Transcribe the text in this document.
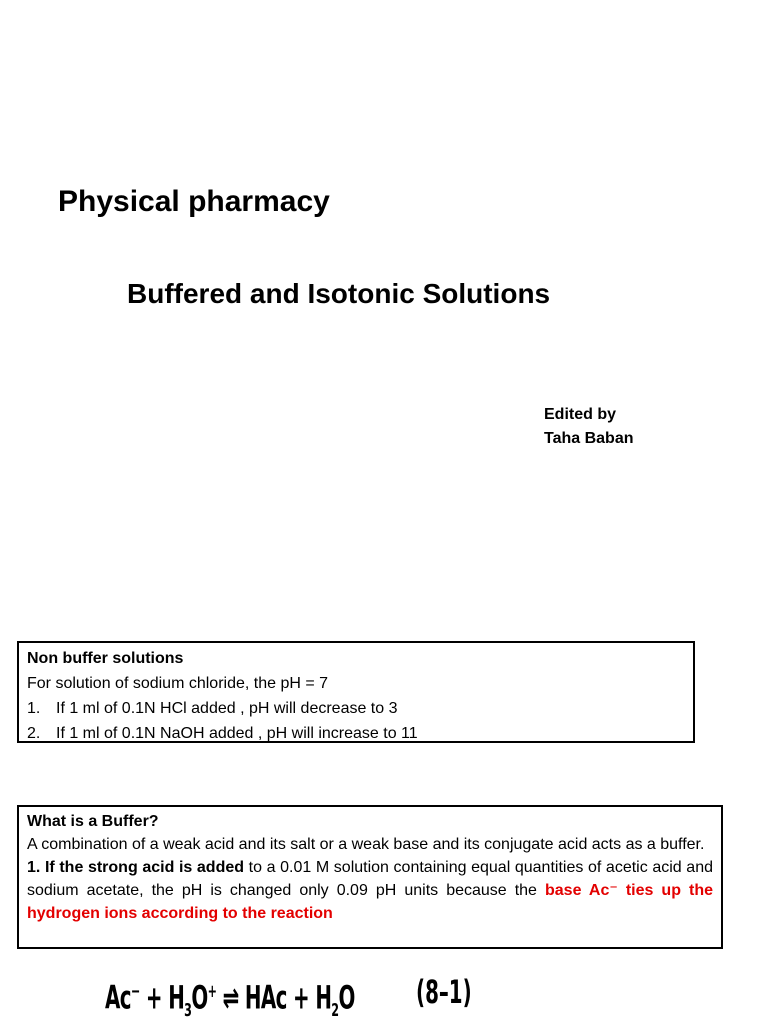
Physical pharmacy
Buffered and Isotonic Solutions
Edited by
Taha Baban
Non buffer solutions
For solution of sodium chloride, the pH = 7
1. If 1 ml of 0.1N HCl added , pH will decrease to 3
2. If 1 ml of 0.1N NaOH added , pH will increase to 11
What is a Buffer?
A combination of a weak acid and its salt or a weak base and its conjugate acid acts as a buffer.
1. If the strong acid is added to a 0.01 M solution containing equal quantities of acetic acid and sodium acetate, the pH is changed only 0.09 pH units because the base Ac⁻ ties up the hydrogen ions according to the reaction
$Ac^- + H_3O^+$ ⇌ HAc + $H_2O$ (8–1)
